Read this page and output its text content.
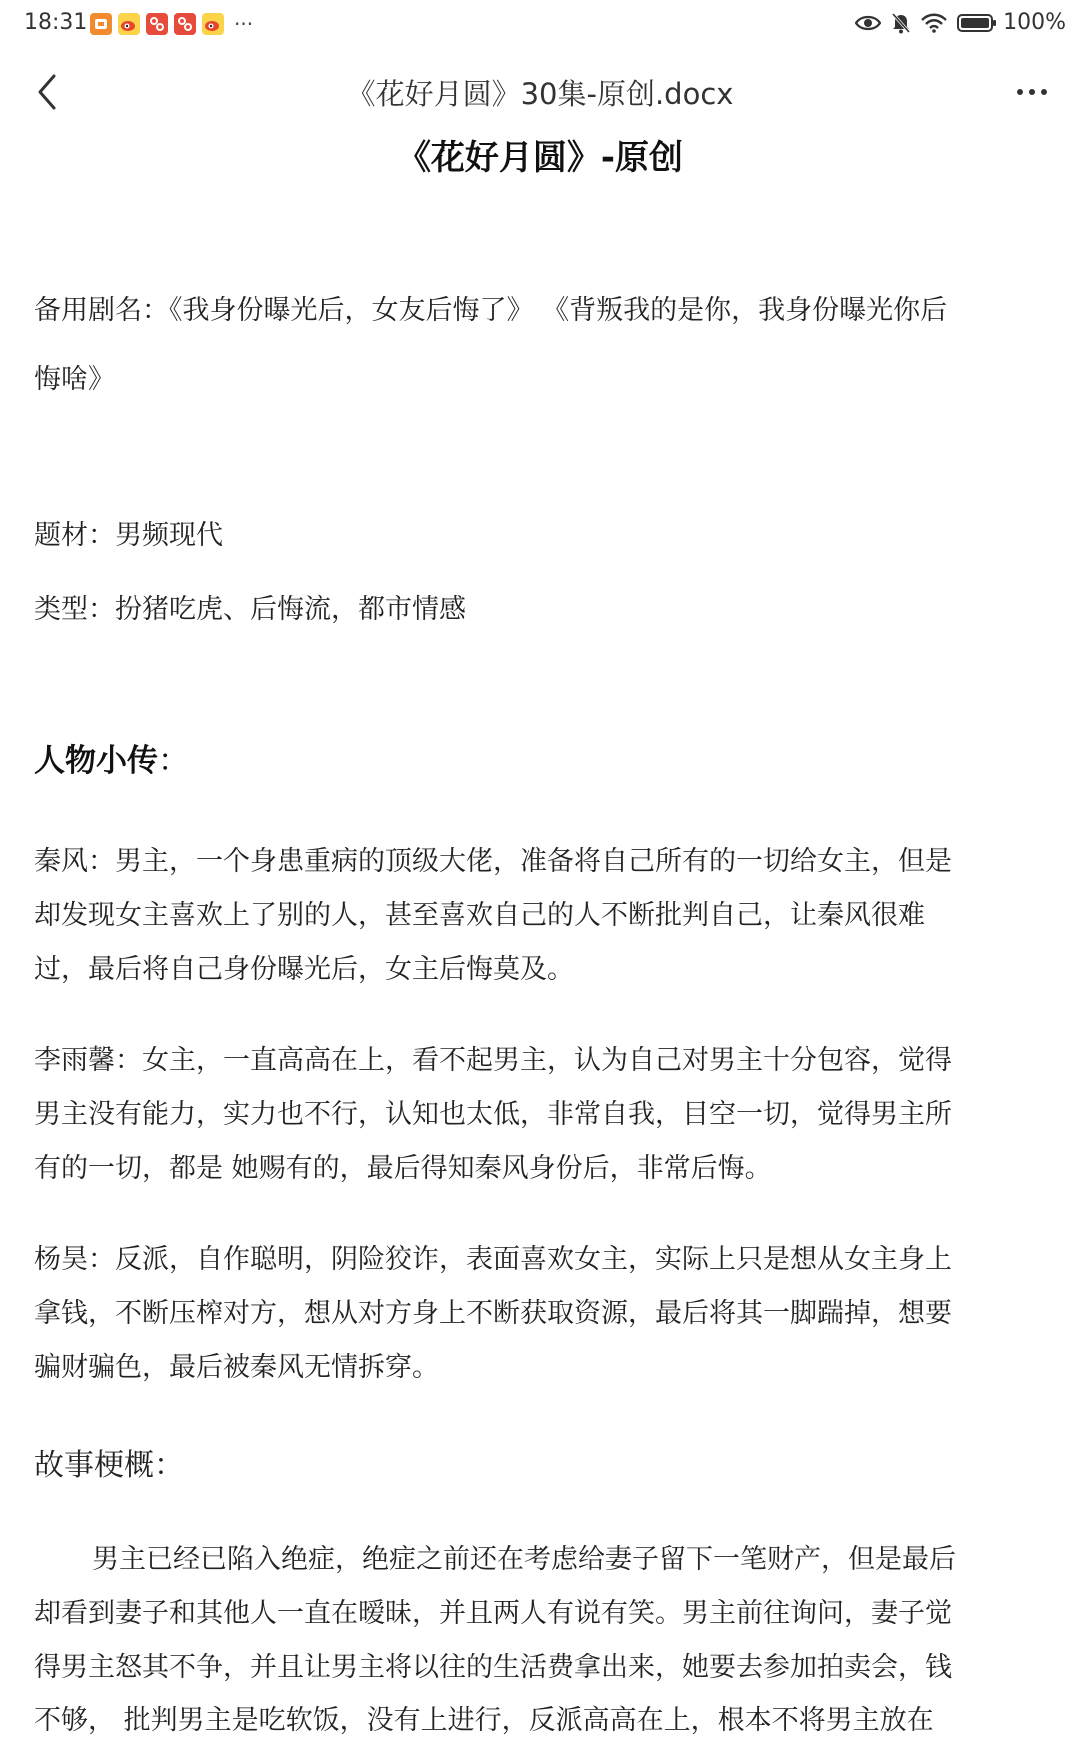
18:31	···	100%
《花好月圆》30集-原创.docx
《花好月圆》-原创
备用剧名：《我身份曝光后，女友后悔了》 《背叛我的是你，我身份曝光你后
悔啥》
题材：男频现代
类型：扮猪吃虎、后悔流，都市情感
人物小传：
秦风：男主，一个身患重病的顶级大佬，准备将自己所有的一切给女主，但是
却发现女主喜欢上了别的人，甚至喜欢自己的人不断批判自己，让秦风很难
过，最后将自己身份曝光后，女主后悔莫及。
李雨馨：女主，一直高高在上，看不起男主，认为自己对男主十分包容，觉得
男主没有能力，实力也不行，认知也太低，非常自我，目空一切，觉得男主所
有的一切，都是 她赐有的，最后得知秦风身份后，非常后悔。
杨昊：反派，自作聪明，阴险狡诈，表面喜欢女主，实际上只是想从女主身上
拿钱，不断压榨对方，想从对方身上不断获取资源，最后将其一脚踹掉，想要
骗财骗色，最后被秦风无情拆穿。
故事梗概：
男主已经已陷入绝症，绝症之前还在考虑给妻子留下一笔财产，但是最后
却看到妻子和其他人一直在暧昧，并且两人有说有笑。男主前往询问，妻子觉
得男主怒其不争，并且让男主将以往的生活费拿出来，她要去参加拍卖会，钱
不够， 批判男主是吃软饭，没有上进行，反派高高在上，根本不将男主放在
